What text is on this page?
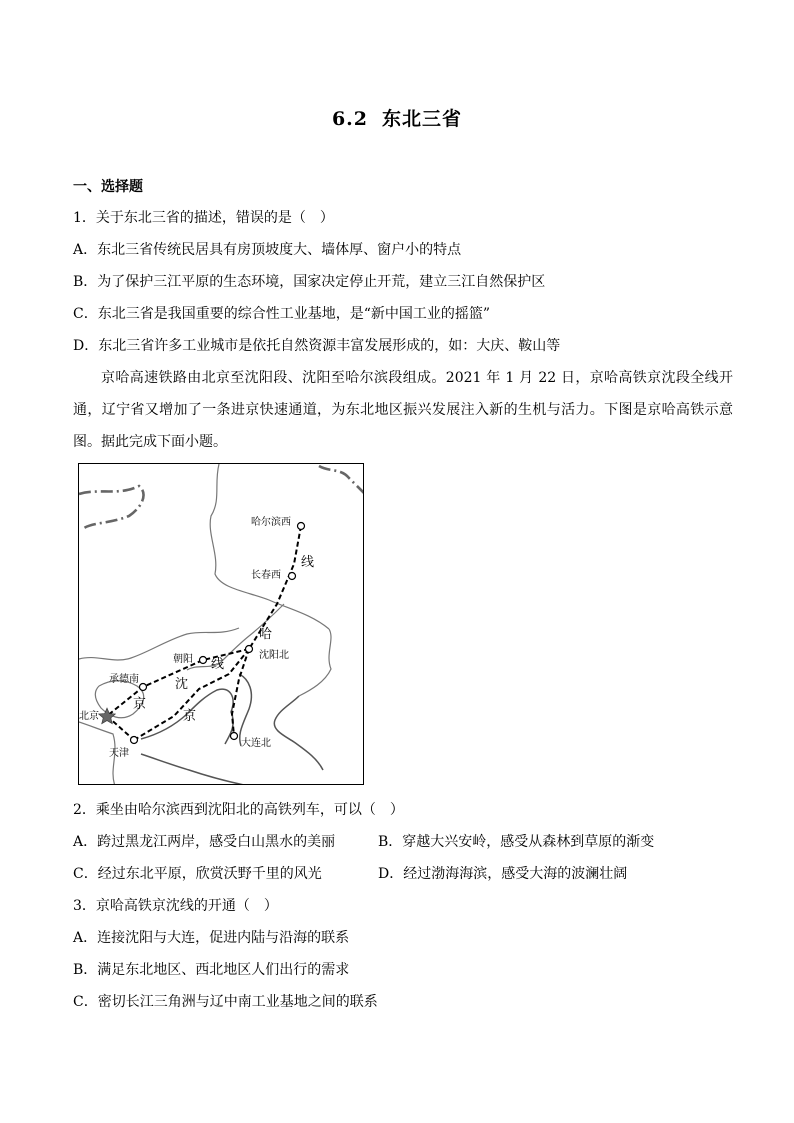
6.2 东北三省
一、选择题
1．关于东北三省的描述，错误的是（　）
A．东北三省传统民居具有房顶坡度大、墙体厚、窗户小的特点
B．为了保护三江平原的生态环境，国家决定停止开荒，建立三江自然保护区
C．东北三省是我国重要的综合性工业基地，是“新中国工业的摇篮”
D．东北三省许多工业城市是依托自然资源丰富发展形成的，如：大庆、鞍山等
京哈高速铁路由北京至沈阳段、沈阳至哈尔滨段组成。2021 年 1 月 22 日，京哈高铁京沈段全线开通，辽宁省又增加了一条进京快速通道，为东北地区振兴发展注入新的生机与活力。下图是京哈高铁示意图。据此完成下面小题。
哈尔滨西
长春西
沈阳北
朝阳
承德南
北京
天津
大连北
线
哈
线
沈
京
京
2．乘坐由哈尔滨西到沈阳北的高铁列车，可以（　）
A．跨过黑龙江两岸，感受白山黑水的美丽	B．穿越大兴安岭，感受从森林到草原的渐变
C．经过东北平原，欣赏沃野千里的风光	D．经过渤海海滨，感受大海的波澜壮阔
3．京哈高铁京沈线的开通（　）
A．连接沈阳与大连，促进内陆与沿海的联系
B．满足东北地区、西北地区人们出行的需求
C．密切长江三角洲与辽中南工业基地之间的联系
